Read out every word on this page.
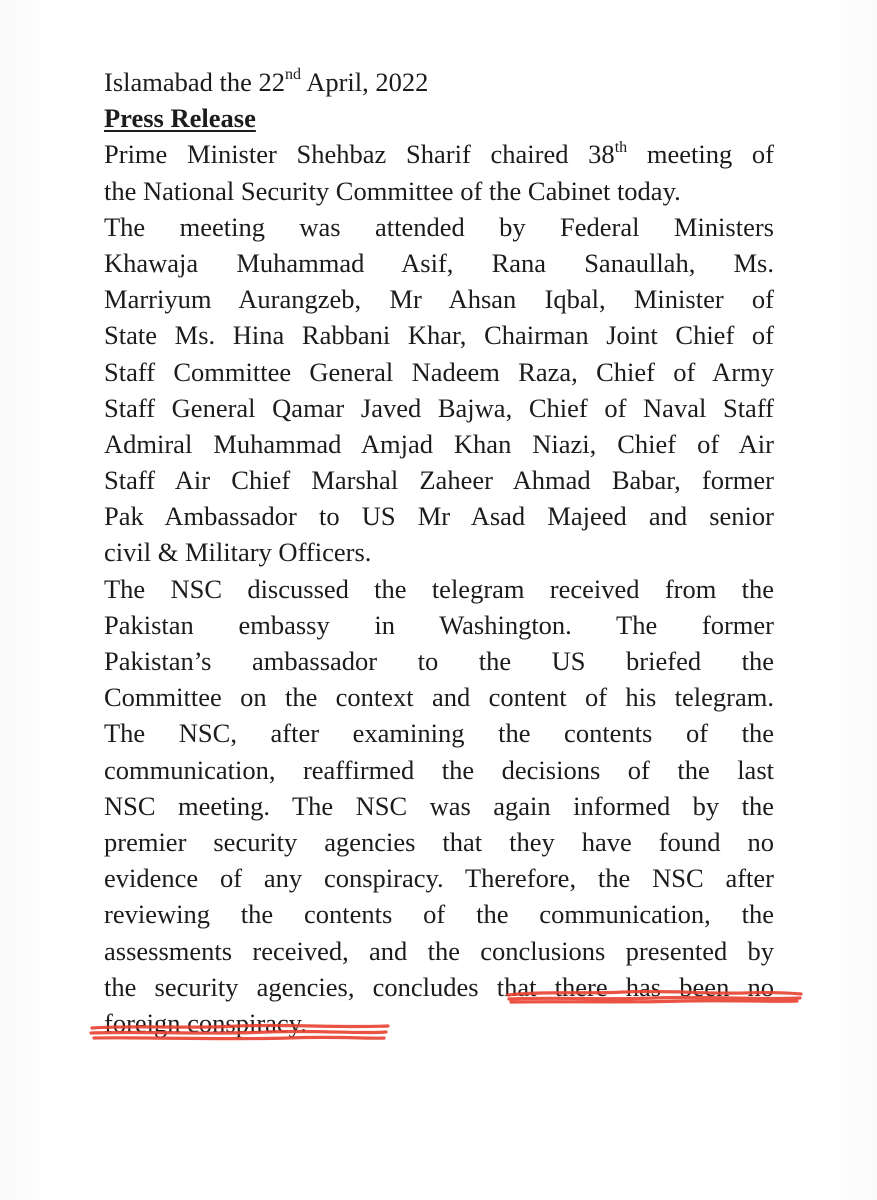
Islamabad the 22nd April, 2022
Press Release
Prime Minister Shehbaz Sharif chaired 38th meeting of
the National Security Committee of the Cabinet today.
The meeting was attended by Federal Ministers
Khawaja Muhammad Asif, Rana Sanaullah, Ms.
Marriyum Aurangzeb, Mr Ahsan Iqbal, Minister of
State Ms. Hina Rabbani Khar, Chairman Joint Chief of
Staff Committee General Nadeem Raza, Chief of Army
Staff General Qamar Javed Bajwa, Chief of Naval Staff
Admiral Muhammad Amjad Khan Niazi, Chief of Air
Staff Air Chief Marshal Zaheer Ahmad Babar, former
Pak Ambassador to US Mr Asad Majeed and senior
civil & Military Officers.
The NSC discussed the telegram received from the
Pakistan embassy in Washington. The former
Pakistan’s ambassador to the US briefed the
Committee on the context and content of his telegram.
The NSC, after examining the contents of the
communication, reaffirmed the decisions of the last
NSC meeting. The NSC was again informed by the
premier security agencies that they have found no
evidence of any conspiracy. Therefore, the NSC after
reviewing the contents of the communication, the
assessments received, and the conclusions presented by
the security agencies, concludes that there has been no
foreign conspiracy.
